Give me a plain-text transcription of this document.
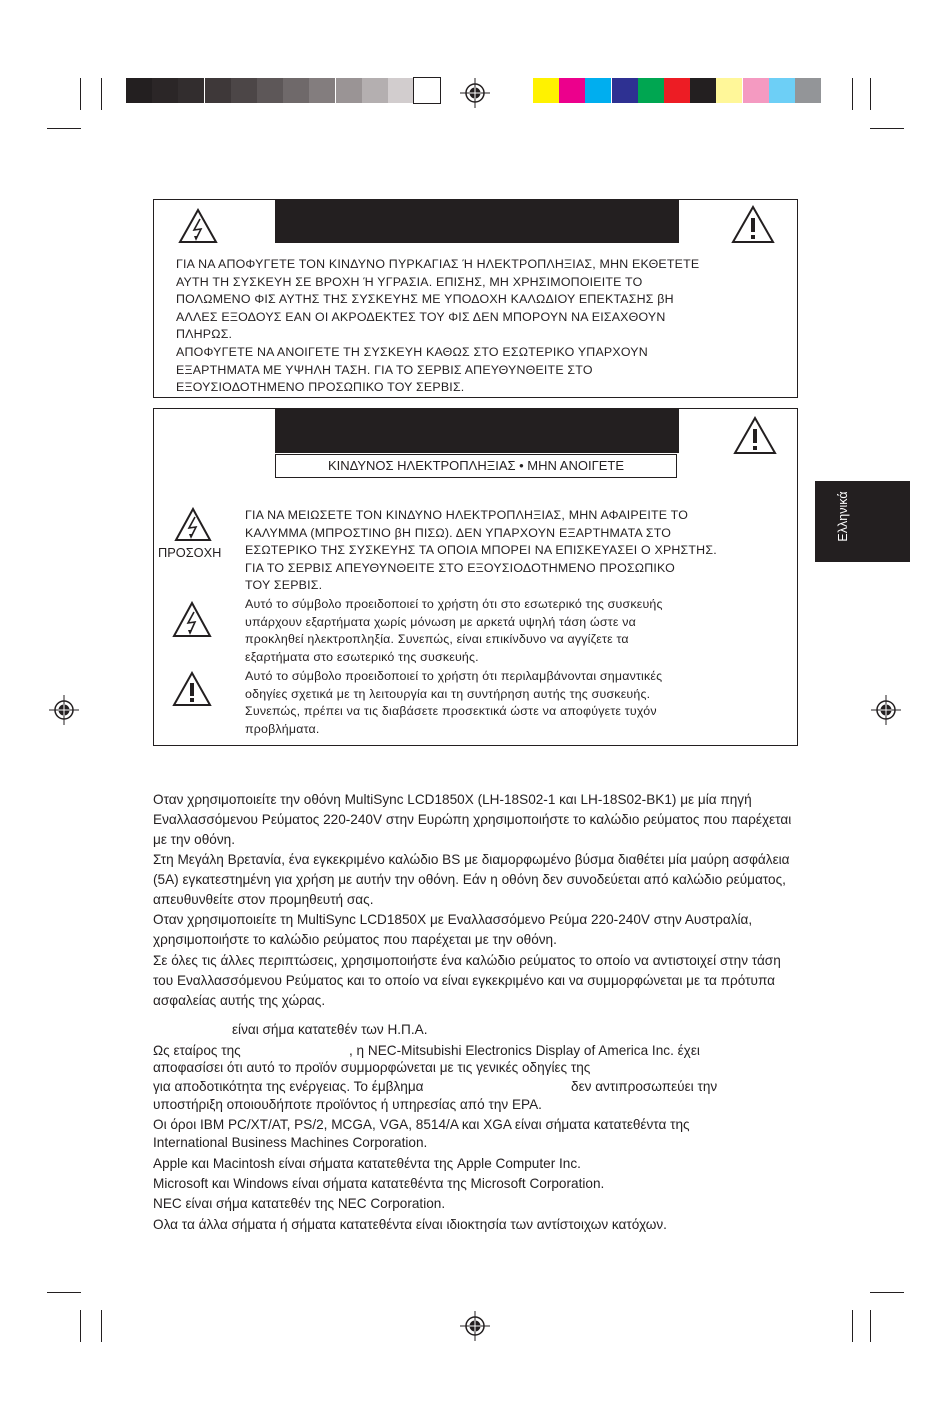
ΓΙΑ ΝΑ ΑΠΟΦΥΓΕΤΕ ΤΟΝ ΚΙΝΔΥΝΟ ΠΥΡΚΑΓΙΑΣ Ή ΗΛΕΚΤΡΟΠΛΗΞΙΑΣ, ΜΗΝ ΕΚΘΕΤΕΤΕ
ΑΥΤΗ ΤΗ ΣΥΣΚΕΥΗ ΣΕ ΒΡΟΧΗ Ή ΥΓΡΑΣΙΑ. ΕΠΙΣΗΣ, ΜΗ ΧΡΗΣΙΜΟΠΟΙΕΙΤΕ ΤΟ
ΠΟΛΩΜΕΝΟ ΦΙΣ ΑΥΤΗΣ ΤΗΣ ΣΥΣΚΕΥΗΣ ΜΕ ΥΠΟΔΟΧΗ ΚΑΛΩΔΙΟΥ ΕΠΕΚΤΑΣΗΣ βΗ
ΑΛΛΕΣ ΕΞΟΔΟΥΣ ΕΑΝ ΟΙ ΑΚΡΟΔΕΚΤΕΣ ΤΟΥ ΦΙΣ ΔΕΝ ΜΠΟΡΟΥΝ ΝΑ ΕΙΣΑΧΘΟΥΝ
ΠΛΗΡΩΣ.
ΑΠΟΦΥΓΕΤΕ ΝΑ ΑΝΟΙΓΕΤΕ ΤΗ ΣΥΣΚΕΥΗ ΚΑΘΩΣ ΣΤΟ ΕΣΩΤΕΡΙΚΟ ΥΠΑΡΧΟΥΝ
ΕΞΑΡΤΗΜΑΤΑ ΜΕ ΥΨΗΛΗ ΤΑΣΗ. ΓΙΑ ΤΟ ΣΕΡΒΙΣ ΑΠΕΥΘΥΝΘΕΙΤΕ ΣΤΟ
ΕΞΟΥΣΙΟΔΟΤΗΜΕΝΟ ΠΡΟΣΩΠΙΚΟ ΤΟΥ ΣΕΡΒΙΣ.
ΚΙΝΔΥΝΟΣ ΗΛΕΚΤΡΟΠΛΗΞΙΑΣ • ΜΗΝ ΑΝΟΙΓΕΤΕ
ΠΡΟΣΟΧΗ
ΓΙΑ ΝΑ ΜΕΙΩΣΕΤΕ ΤΟΝ ΚΙΝΔΥΝΟ ΗΛΕΚΤΡΟΠΛΗΞΙΑΣ, ΜΗΝ ΑΦΑΙΡΕΙΤΕ ΤΟ
ΚΑΛΥΜΜΑ (ΜΠΡΟΣΤΙΝΟ βΗ ΠΙΣΩ). ΔΕΝ ΥΠΑΡΧΟΥΝ ΕΞΑΡΤΗΜΑΤΑ ΣΤΟ
ΕΣΩΤΕΡΙΚΟ ΤΗΣ ΣΥΣΚΕΥΗΣ ΤΑ ΟΠΟΙΑ ΜΠΟΡΕΙ ΝΑ ΕΠΙΣΚΕΥΑΣΕΙ Ο ΧΡΗΣΤΗΣ.
ΓΙΑ ΤΟ ΣΕΡΒΙΣ ΑΠΕΥΘΥΝΘΕΙΤΕ ΣΤΟ ΕΞΟΥΣΙΟΔΟΤΗΜΕΝΟ ΠΡΟΣΩΠΙΚΟ
ΤΟΥ ΣΕΡΒΙΣ.
Αυτό το σύμβολο προειδοποιεί το χρήστη ότι στο εσωτερικό της συσκευής
υπάρχουν εξαρτήματα χωρίς μόνωση με αρκετά υψηλή τάση ώστε να
προκληθεί ηλεκτροπληξία. Συνεπώς, είναι επικίνδυνο να αγγίζετε τα
εξαρτήματα στο εσωτερικό της συσκευής.
Αυτό το σύμβολο προειδοποιεί το χρήστη ότι περιλαμβάνονται σημαντικές
οδηγίες σχετικά με τη λειτουργία και τη συντήρηση αυτής της συσκευής.
Συνεπώς, πρέπει να τις διαβάσετε προσεκτικά ώστε να αποφύγετε τυχόν
προβλήματα.
Ελληνικά
Οταν χρησιμοποιείτε την οθόνη MultiSync LCD1850X (LH-18S02-1 και LH-18S02-BK1) με μία πηγή Εναλλασσόμενου Ρεύματος 220-240V στην Ευρώπη χρησιμοποιήστε το καλώδιο ρεύματος που παρέχεται με την οθόνη.
Στη Μεγάλη Βρετανία, ένα εγκεκριμένο καλώδιο BS με διαμορφωμένο βύσμα διαθέτει μία μαύρη ασφάλεια (5A) εγκατεστημένη για χρήση με αυτήν την οθόνη. Εάν η οθόνη δεν συνοδεύεται από καλώδιο ρεύματος, απευθυνθείτε στον προμηθευτή σας.
Οταν χρησιμοποιείτε τη MultiSync LCD1850X με Εναλλασσόμενο Ρεύμα 220-240V στην Αυστραλία, χρησιμοποιήστε το καλώδιο ρεύματος που παρέχεται με την οθόνη.
Σε όλες τις άλλες περιπτώσεις, χρησιμοποιήστε ένα καλώδιο ρεύματος το οποίο να αντιστοιχεί στην τάση του Εναλλασσόμενου Ρεύματος και το οποίο να είναι εγκεκριμένο και να συμμορφώνεται με τα πρότυπα ασφαλείας αυτής της χώρας.
είναι σήμα κατατεθέν των Η.Π.Α.
Ως εταίρος της	, η NEC-Mitsubishi Electronics Display of America Inc. έχει
αποφασίσει ότι αυτό το προϊόν συμμορφώνεται με τις γενικές οδηγίες της
για αποδοτικότητα της ενέργειας. Το έμβλημα	δεν αντιπροσωπεύει την
υποστήριξη οποιουδήποτε προϊόντος ή υπηρεσίας από την EPA.
Οι όροι IBM PC/XT/AT, PS/2, MCGA, VGA, 8514/A και XGA είναι σήματα κατατεθέντα της
International Business Machines Corporation.
Apple και Macintosh είναι σήματα κατατεθέντα της Apple Computer Inc.
Microsoft και Windows είναι σήματα κατατεθέντα της Microsoft Corporation.
NEC είναι σήμα κατατεθέν της NEC Corporation.
Ολα τα άλλα σήματα ή σήματα κατατεθέντα είναι ιδιοκτησία των αντίστοιχων κατόχων.
